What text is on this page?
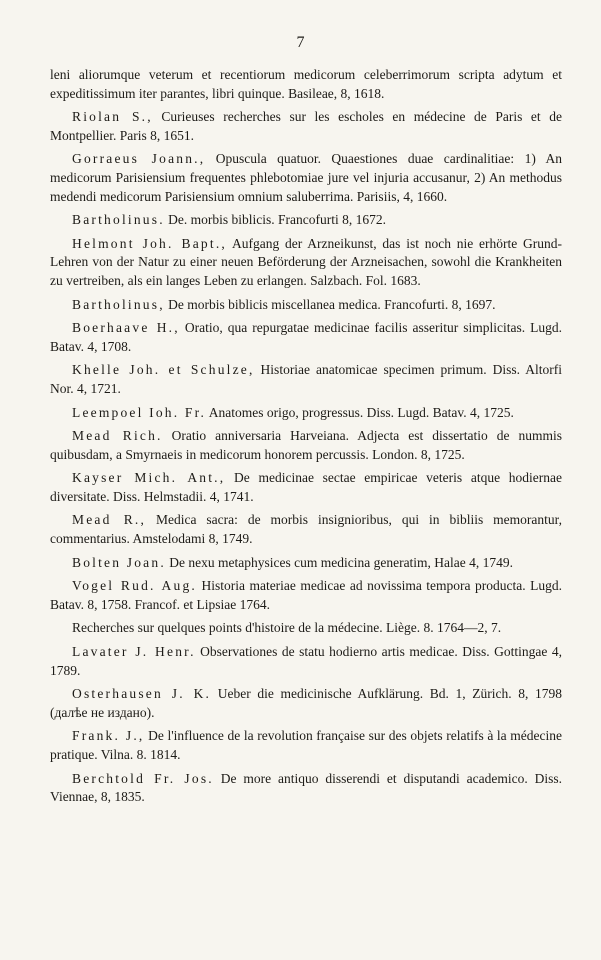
7

leni aliorumque veterum et recentiorum medicorum celeberrimorum scripta adytum et expeditissimum iter parantes, libri quinque. Basileae, 8, 1618.

Riolan S., Curieuses recherches sur les escholes en médecine de Paris et de Montpellier. Paris 8, 1651.

Gorraeus Joann., Opuscula quatuor. Quaestiones duae cardinalitiae: 1) An medicorum Parisiensium frequentes phlebotomiae jure vel injuria accusanur, 2) An methodus medendi medicorum Parisiensium omnium saluberrima. Parisiis, 4, 1660.

Bartholinus. De. morbis biblicis. Francofurti 8, 1672.

Helmont Joh. Bapt., Aufgang der Arzneikunst, das ist noch nie erhörte Grund-Lehren von der Natur zu einer neuen Beförderung der Arzneisachen, sowohl die Krankheiten zu vertreiben, als ein langes Leben zu erlangen. Salzbach. Fol. 1683.

Bartholinus, De morbis biblicis miscellanea medica. Francofurti. 8, 1697.

Boerhaave H., Oratio, qua repurgatae medicinae facilis asseritur simplicitas. Lugd. Batav. 4, 1708.

Khelle Joh. et Schulze, Historiae anatomicae specimen primum. Diss. Altorfi Nor. 4, 1721.

Leempoel Ioh. Fr. Anatomes origo, progressus. Diss. Lugd. Batav. 4, 1725.

Mead Rich. Oratio anniversaria Harveiana. Adjecta est dissertatio de nummis quibusdam, a Smyrnaeis in medicorum honorem percussis. London. 8, 1725.

Kayser Mich. Ant., De medicinae sectae empiricae veteris atque hodiernae diversitate. Diss. Helmstadii. 4, 1741.

Mead R., Medica sacra: de morbis insignioribus, qui in bibliis memorantur, commentarius. Amstelodami 8, 1749.

Bolten Joan. De nexu metaphysices cum medicina generatim, Halae 4, 1749.

Vogel Rud. Aug. Historia materiae medicae ad novissima tempora producta. Lugd. Batav. 8, 1758. Francof. et Lipsiae 1764.

Recherches sur quelques points d'histoire de la médecine. Liège. 8. 1764—2, 7.

Lavater J. Henr. Observationes de statu hodierno artis medicae. Diss. Gottingae 4, 1789.

Osterhausen J. K. Ueber die medicinische Aufklärung. Bd. 1, Zürich. 8, 1798 (далѣе не издано).

Frank. J., De l'influence de la revolution française sur des objets relatifs à la médecine pratique. Vilna. 8. 1814.

Berchtold Fr. Jos. De more antiquo disserendi et disputandi academico. Diss. Viennae, 8, 1835.
